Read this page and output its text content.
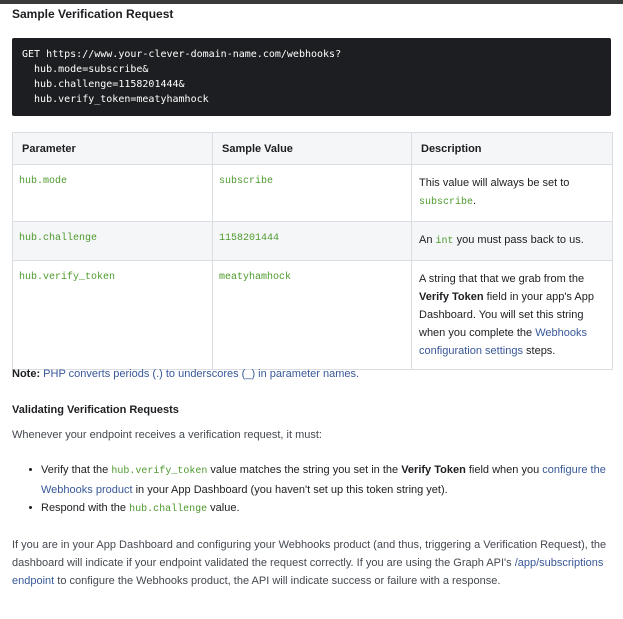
Sample Verification Request
GET https://www.your-clever-domain-name.com/webhooks?
hub.mode=subscribe&
hub.challenge=1158201444&
hub.verify_token=meatyhamhock
Parameter	Sample Value	Description
hub.mode	subscribe	This value will always be set to subscribe.
hub.challenge	1158201444	An int you must pass back to us.
hub.verify_token	meatyhamhock	A string that that we grab from the Verify Token field in your app's App Dashboard. You will set this string when you complete the Webhooks configuration settings steps.
Note: PHP converts periods (.) to underscores (_) in parameter names.
Validating Verification Requests
Whenever your endpoint receives a verification request, it must:
Verify that the hub.verify_token value matches the string you set in the Verify Token field when you configure the Webhooks product in your App Dashboard (you haven't set up this token string yet).
Respond with the hub.challenge value.
If you are in your App Dashboard and configuring your Webhooks product (and thus, triggering a Verification Request), the dashboard will indicate if your endpoint validated the request correctly. If you are using the Graph API's /app/subscriptions endpoint to configure the Webhooks product, the API will indicate success or failure with a response.
